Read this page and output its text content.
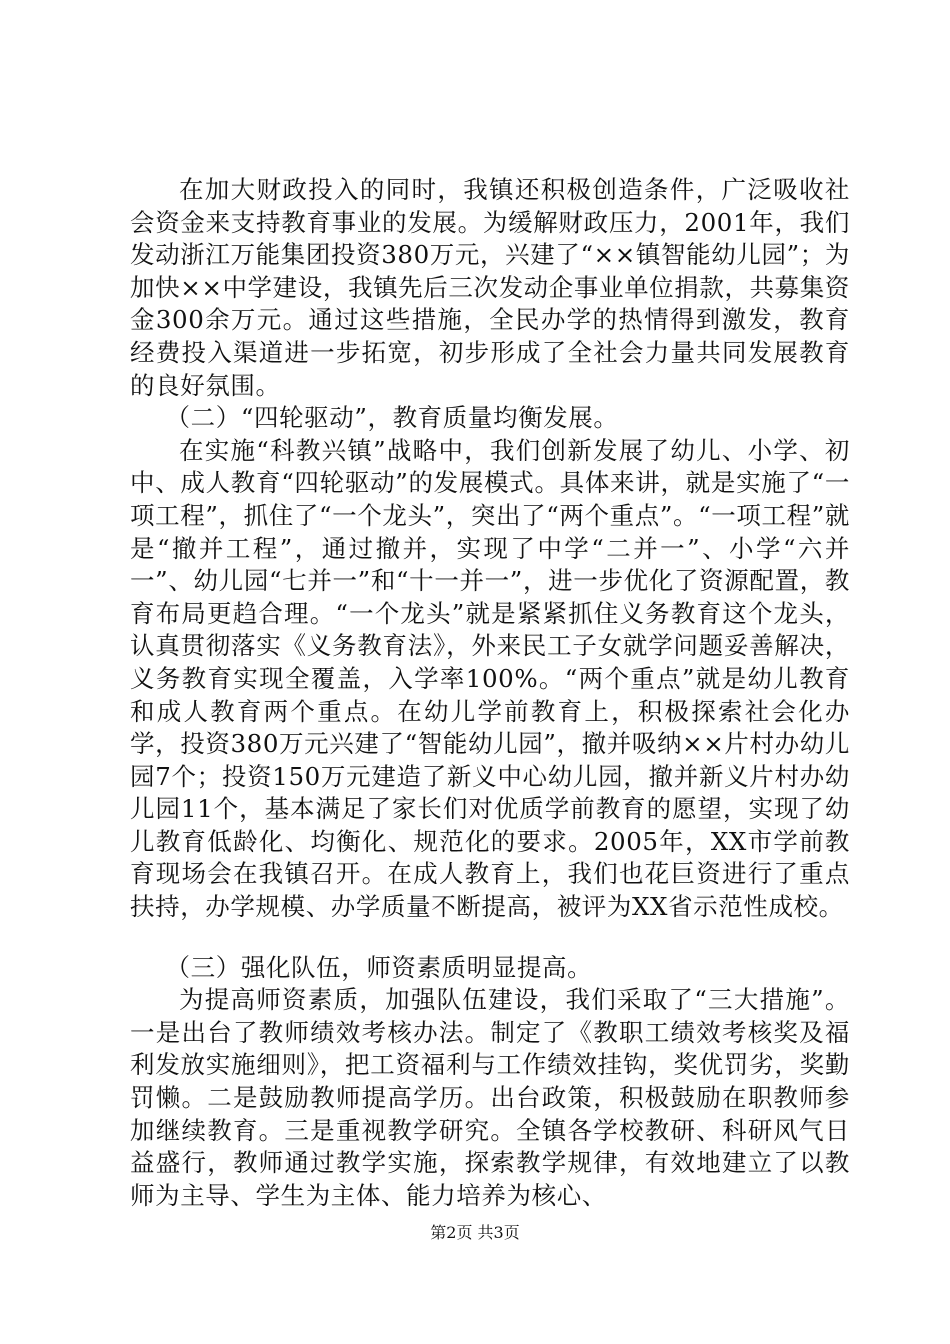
在加大财政投入的同时，我镇还积极创造条件，广泛吸收社会资金来支持教育事业的发展。为缓解财政压力，2001年，我们发动浙江万能集团投资380万元，兴建了“××镇智能幼儿园”；为加快××中学建设，我镇先后三次发动企事业单位捐款，共募集资金300余万元。通过这些措施，全民办学的热情得到激发，教育经费投入渠道进一步拓宽，初步形成了全社会力量共同发展教育的良好氛围。

（二）“四轮驱动”，教育质量均衡发展。

在实施“科教兴镇”战略中，我们创新发展了幼儿、小学、初中、成人教育“四轮驱动”的发展模式。具体来讲，就是实施了“一项工程”，抓住了“一个龙头”，突出了“两个重点”。“一项工程”就是“撤并工程”，通过撤并，实现了中学“二并一”、小学“六并一”、幼儿园“七并一”和“十一并一”，进一步优化了资源配置，教育布局更趋合理。“一个龙头”就是紧紧抓住义务教育这个龙头，认真贯彻落实《义务教育法》，外来民工子女就学问题妥善解决，义务教育实现全覆盖，入学率100%。“两个重点”就是幼儿教育和成人教育两个重点。在幼儿学前教育上，积极探索社会化办学，投资380万元兴建了“智能幼儿园”，撤并吸纳××片村办幼儿园7个；投资150万元建造了新义中心幼儿园，撤并新义片村办幼儿园11个，基本满足了家长们对优质学前教育的愿望，实现了幼儿教育低龄化、均衡化、规范化的要求。2005年，XX市学前教育现场会在我镇召开。在成人教育上，我们也花巨资进行了重点扶持，办学规模、办学质量不断提高，被评为XX省示范性成校。

（三）强化队伍，师资素质明显提高。

为提高师资素质，加强队伍建设，我们采取了“三大措施”。一是出台了教师绩效考核办法。制定了《教职工绩效考核奖及福利发放实施细则》，把工资福利与工作绩效挂钩，奖优罚劣，奖勤罚懒。二是鼓励教师提高学历。出台政策，积极鼓励在职教师参加继续教育。三是重视教学研究。全镇各学校教研、科研风气日益盛行，教师通过教学实施，探索教学规律，有效地建立了以教师为主导、学生为主体、能力培养为核心、

第2页 共3页
